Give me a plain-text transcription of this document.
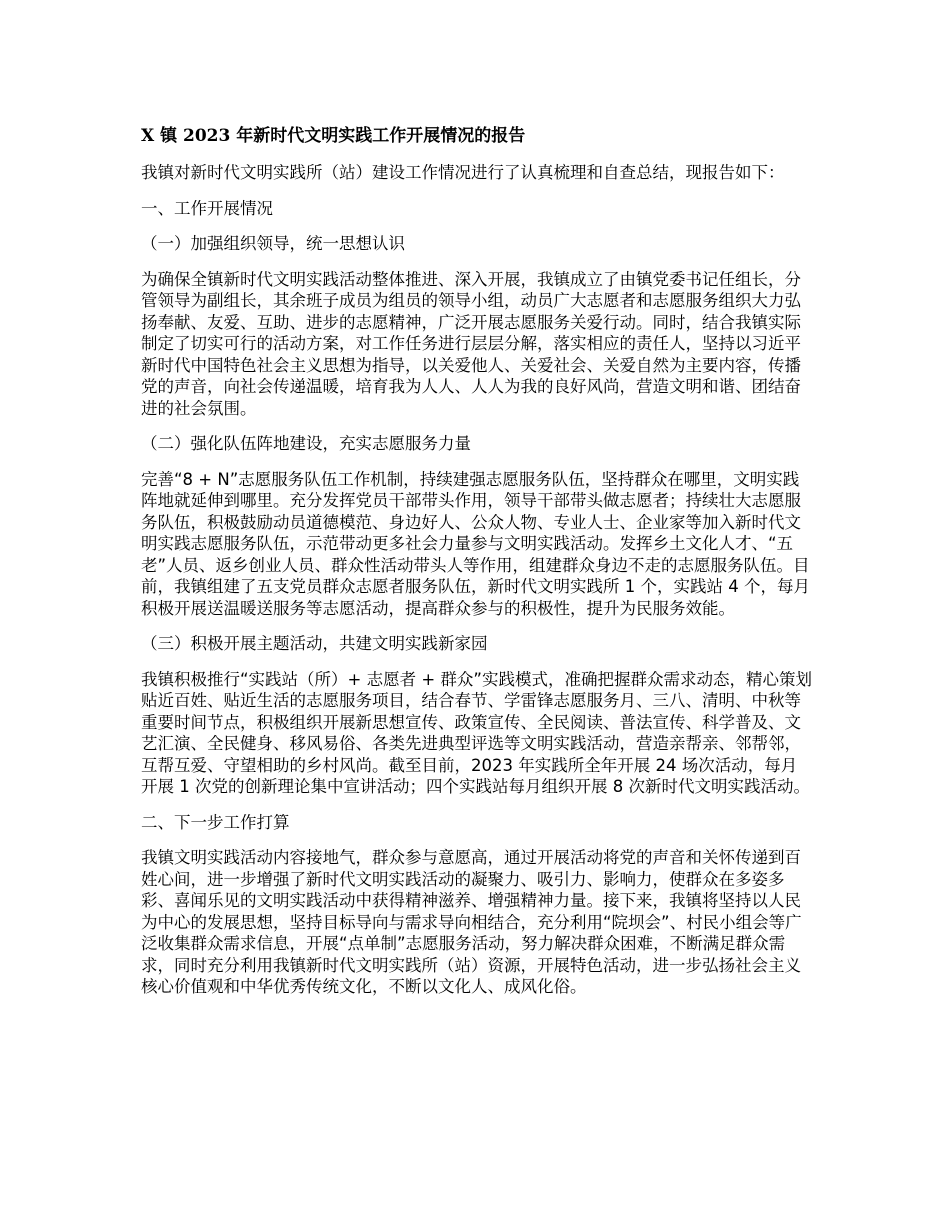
X 镇 2023 年新时代文明实践工作开展情况的报告

我镇对新时代文明实践所（站）建设工作情况进行了认真梳理和自查总结，现报告如下：

一、工作开展情况
（一）加强组织领导，统一思想认识

为确保全镇新时代文明实践活动整体推进、深入开展，我镇成立了由镇党委书记任组长，分管领导为副组长，其余班子成员为组员的领导小组，动员广大志愿者和志愿服务组织大力弘扬奉献、友爱、互助、进步的志愿精神，广泛开展志愿服务关爱行动。同时，结合我镇实际制定了切实可行的活动方案，对工作任务进行层层分解，落实相应的责任人，坚持以习近平新时代中国特色社会主义思想为指导，以关爱他人、关爱社会、关爱自然为主要内容，传播党的声音，向社会传递温暖，培育我为人人、人人为我的良好风尚，营造文明和谐、团结奋进的社会氛围。

（二）强化队伍阵地建设，充实志愿服务力量

完善“8 + N”志愿服务队伍工作机制，持续建强志愿服务队伍，坚持群众在哪里，文明实践阵地就延伸到哪里。充分发挥党员干部带头作用，领导干部带头做志愿者；持续壮大志愿服务队伍，积极鼓励动员道德模范、身边好人、公众人物、专业人士、企业家等加入新时代文明实践志愿服务队伍，示范带动更多社会力量参与文明实践活动。发挥乡土文化人才、“五老”人员、返乡创业人员、群众性活动带头人等作用，组建群众身边不走的志愿服务队伍。目前，我镇组建了五支党员群众志愿者服务队伍，新时代文明实践所 1 个，实践站 4 个，每月积极开展送温暖送服务等志愿活动，提高群众参与的积极性，提升为民服务效能。

（三）积极开展主题活动，共建文明实践新家园

我镇积极推行“实践站（所）+ 志愿者 + 群众”实践模式，准确把握群众需求动态，精心策划贴近百姓、贴近生活的志愿服务项目，结合春节、学雷锋志愿服务月、三八、清明、中秋等重要时间节点，积极组织开展新思想宣传、政策宣传、全民阅读、普法宣传、科学普及、文艺汇演、全民健身、移风易俗、各类先进典型评选等文明实践活动，营造亲帮亲、邻帮邻，互帮互爱、守望相助的乡村风尚。截至目前，2023 年实践所全年开展 24 场次活动，每月开展 1 次党的创新理论集中宣讲活动；四个实践站每月组织开展 8 次新时代文明实践活动。

二、下一步工作打算

我镇文明实践活动内容接地气，群众参与意愿高，通过开展活动将党的声音和关怀传递到百姓心间，进一步增强了新时代文明实践活动的凝聚力、吸引力、影响力，使群众在多姿多彩、喜闻乐见的文明实践活动中获得精神滋养、增强精神力量。接下来，我镇将坚持以人民为中心的发展思想，坚持目标导向与需求导向相结合，充分利用“院坝会”、村民小组会等广泛收集群众需求信息，开展“点单制”志愿服务活动，努力解决群众困难，不断满足群众需求，同时充分利用我镇新时代文明实践所（站）资源，开展特色活动，进一步弘扬社会主义核心价值观和中华优秀传统文化，不断以文化人、成风化俗。
